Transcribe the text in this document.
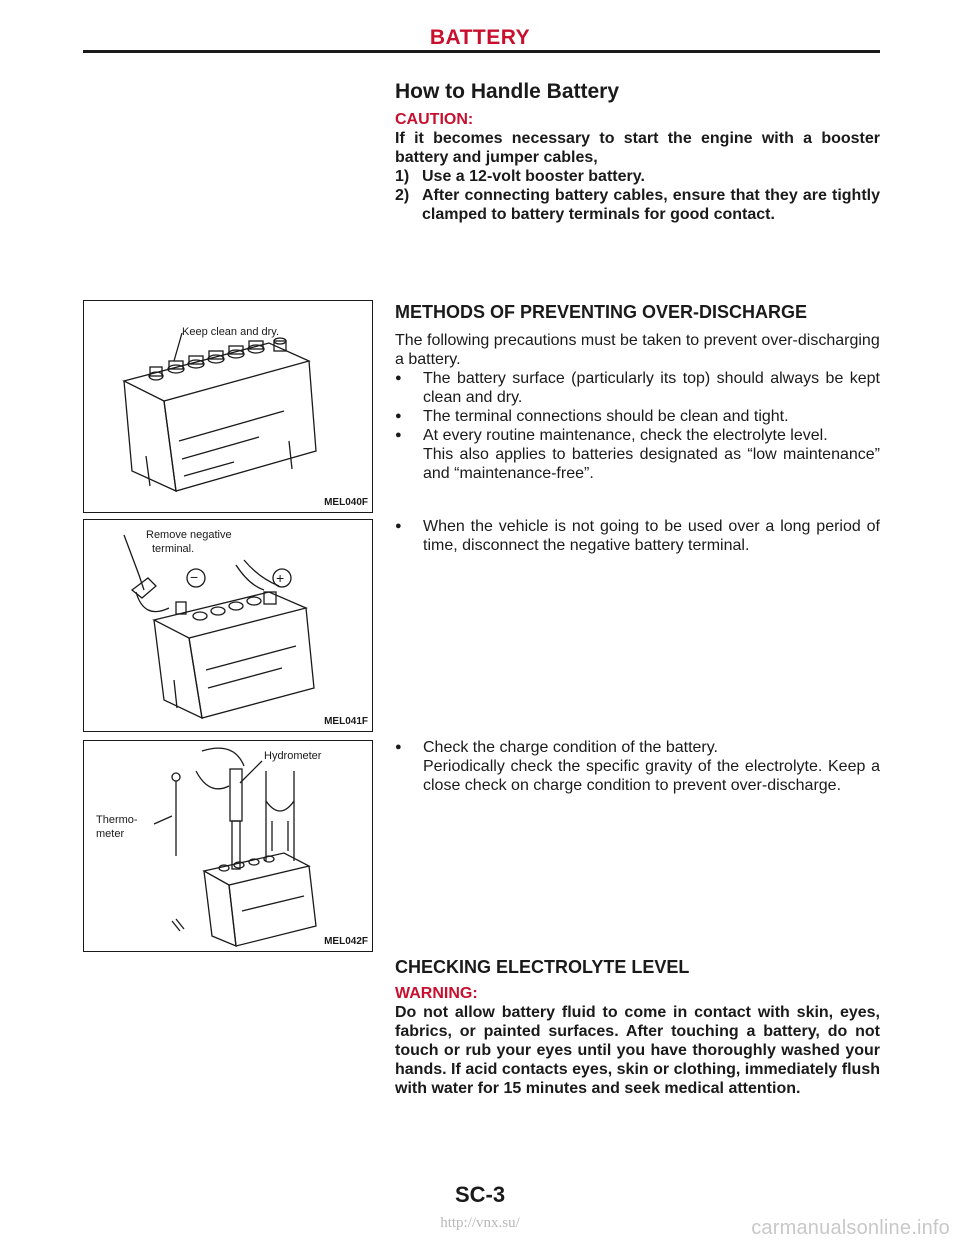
BATTERY
How to Handle Battery
CAUTION:

If it becomes necessary to start the engine with a booster battery and jumper cables,

1) Use a 12-volt booster battery.
2) After connecting battery cables, ensure that they are tightly clamped to battery terminals for good contact.
METHODS OF PREVENTING OVER-DISCHARGE

The following precautions must be taken to prevent over-discharging a battery.

●	The battery surface (particularly its top) should always be kept clean and dry.
●	The terminal connections should be clean and tight.
●	At every routine maintenance, check the electrolyte level.
This also applies to batteries designated as “low maintenance” and “maintenance-free”.
●	When the vehicle is not going to be used over a long period of time, disconnect the negative battery terminal.
●	Check the charge condition of the battery.
Periodically check the specific gravity of the electrolyte. Keep a close check on charge condition to prevent over-discharge.
Keep clean and dry.
MEL040F
Remove negative
terminal.
−	+
MEL041F
Hydrometer
Thermo-
meter
MEL042F
CHECKING ELECTROLYTE LEVEL
WARNING:

Do not allow battery fluid to come in contact with skin, eyes, fabrics, or painted surfaces. After touching a battery, do not touch or rub your eyes until you have thoroughly washed your hands. If acid contacts eyes, skin or clothing, immediately flush with water for 15 minutes and seek medical attention.

SC-3
http://vnx.su/	carmanualsonline.info
